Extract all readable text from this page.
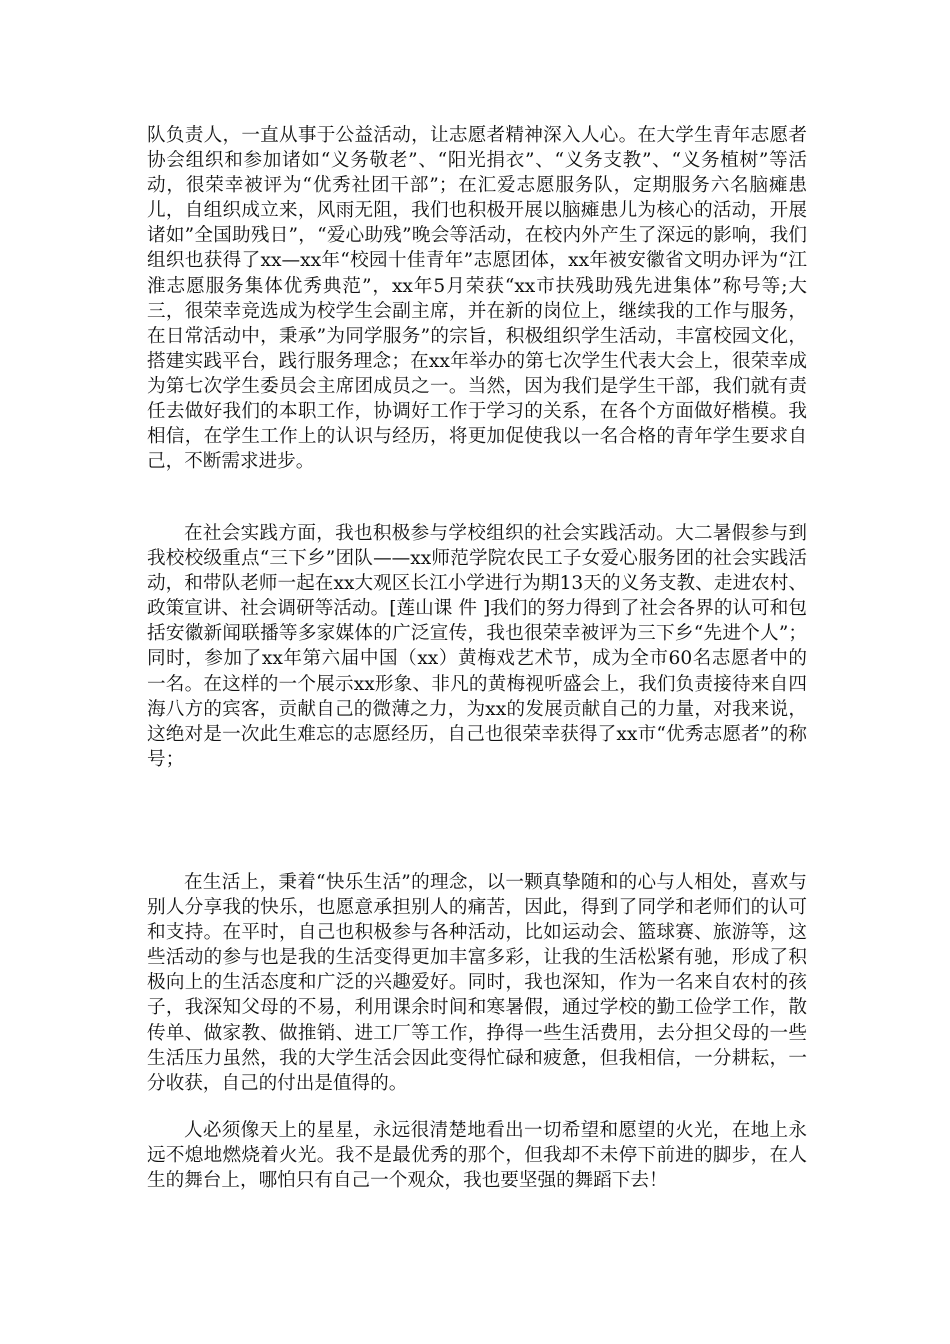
队负责人，一直从事于公益活动，让志愿者精神深入人心。在大学生青年志愿者协会组织和参加诸如“义务敬老”、“阳光捐衣”、“义务支教”、“义务植树”等活动，很荣幸被评为“优秀社团干部”；在汇爱志愿服务队，定期服务六名脑瘫患儿，自组织成立来，风雨无阻，我们也积极开展以脑瘫患儿为核心的活动，开展诸如”全国助残日”，“爱心助残”晚会等活动，在校内外产生了深远的影响，我们组织也获得了xx—xx年“校园十佳青年”志愿团体，xx年被安徽省文明办评为“江淮志愿服务集体优秀典范”，xx年5月荣获“xx市扶残助残先进集体”称号等;大三，很荣幸竞选成为校学生会副主席，并在新的岗位上，继续我的工作与服务，在日常活动中，秉承”为同学服务”的宗旨，积极组织学生活动，丰富校园文化，搭建实践平台，践行服务理念；在xx年举办的第七次学生代表大会上，很荣幸成为第七次学生委员会主席团成员之一。当然，因为我们是学生干部，我们就有责任去做好我们的本职工作，协调好工作于学习的关系，在各个方面做好楷模。我相信，在学生工作上的认识与经历，将更加促使我以一名合格的青年学生要求自己，不断需求进步。

在社会实践方面，我也积极参与学校组织的社会实践活动。大二暑假参与到我校校级重点“三下乡”团队——xx师范学院农民工子女爱心服务团的社会实践活动，和带队老师一起在xx大观区长江小学进行为期13天的义务支教、走进农村、政策宣讲、社会调研等活动。[莲山课 件 ]我们的努力得到了社会各界的认可和包括安徽新闻联播等多家媒体的广泛宣传，我也很荣幸被评为三下乡“先进个人”；同时，参加了xx年第六届中国（xx）黄梅戏艺术节，成为全市60名志愿者中的一名。在这样的一个展示xx形象、非凡的黄梅视听盛会上，我们负责接待来自四海八方的宾客，贡献自己的微薄之力，为xx的发展贡献自己的力量，对我来说，这绝对是一次此生难忘的志愿经历，自己也很荣幸获得了xx市“优秀志愿者”的称号；

在生活上，秉着“快乐生活”的理念，以一颗真挚随和的心与人相处，喜欢与别人分享我的快乐，也愿意承担别人的痛苦，因此，得到了同学和老师们的认可和支持。在平时，自己也积极参与各种活动，比如运动会、篮球赛、旅游等，这些活动的参与也是我的生活变得更加丰富多彩，让我的生活松紧有驰，形成了积极向上的生活态度和广泛的兴趣爱好。同时，我也深知，作为一名来自农村的孩子，我深知父母的不易，利用课余时间和寒暑假，通过学校的勤工俭学工作，散传单、做家教、做推销、进工厂等工作，挣得一些生活费用，去分担父母的一些生活压力虽然，我的大学生活会因此变得忙碌和疲惫，但我相信，一分耕耘，一分收获，自己的付出是值得的。

人必须像天上的星星，永远很清楚地看出一切希望和愿望的火光，在地上永远不熄地燃烧着火光。我不是最优秀的那个，但我却不未停下前进的脚步，在人生的舞台上，哪怕只有自己一个观众，我也要坚强的舞蹈下去！
